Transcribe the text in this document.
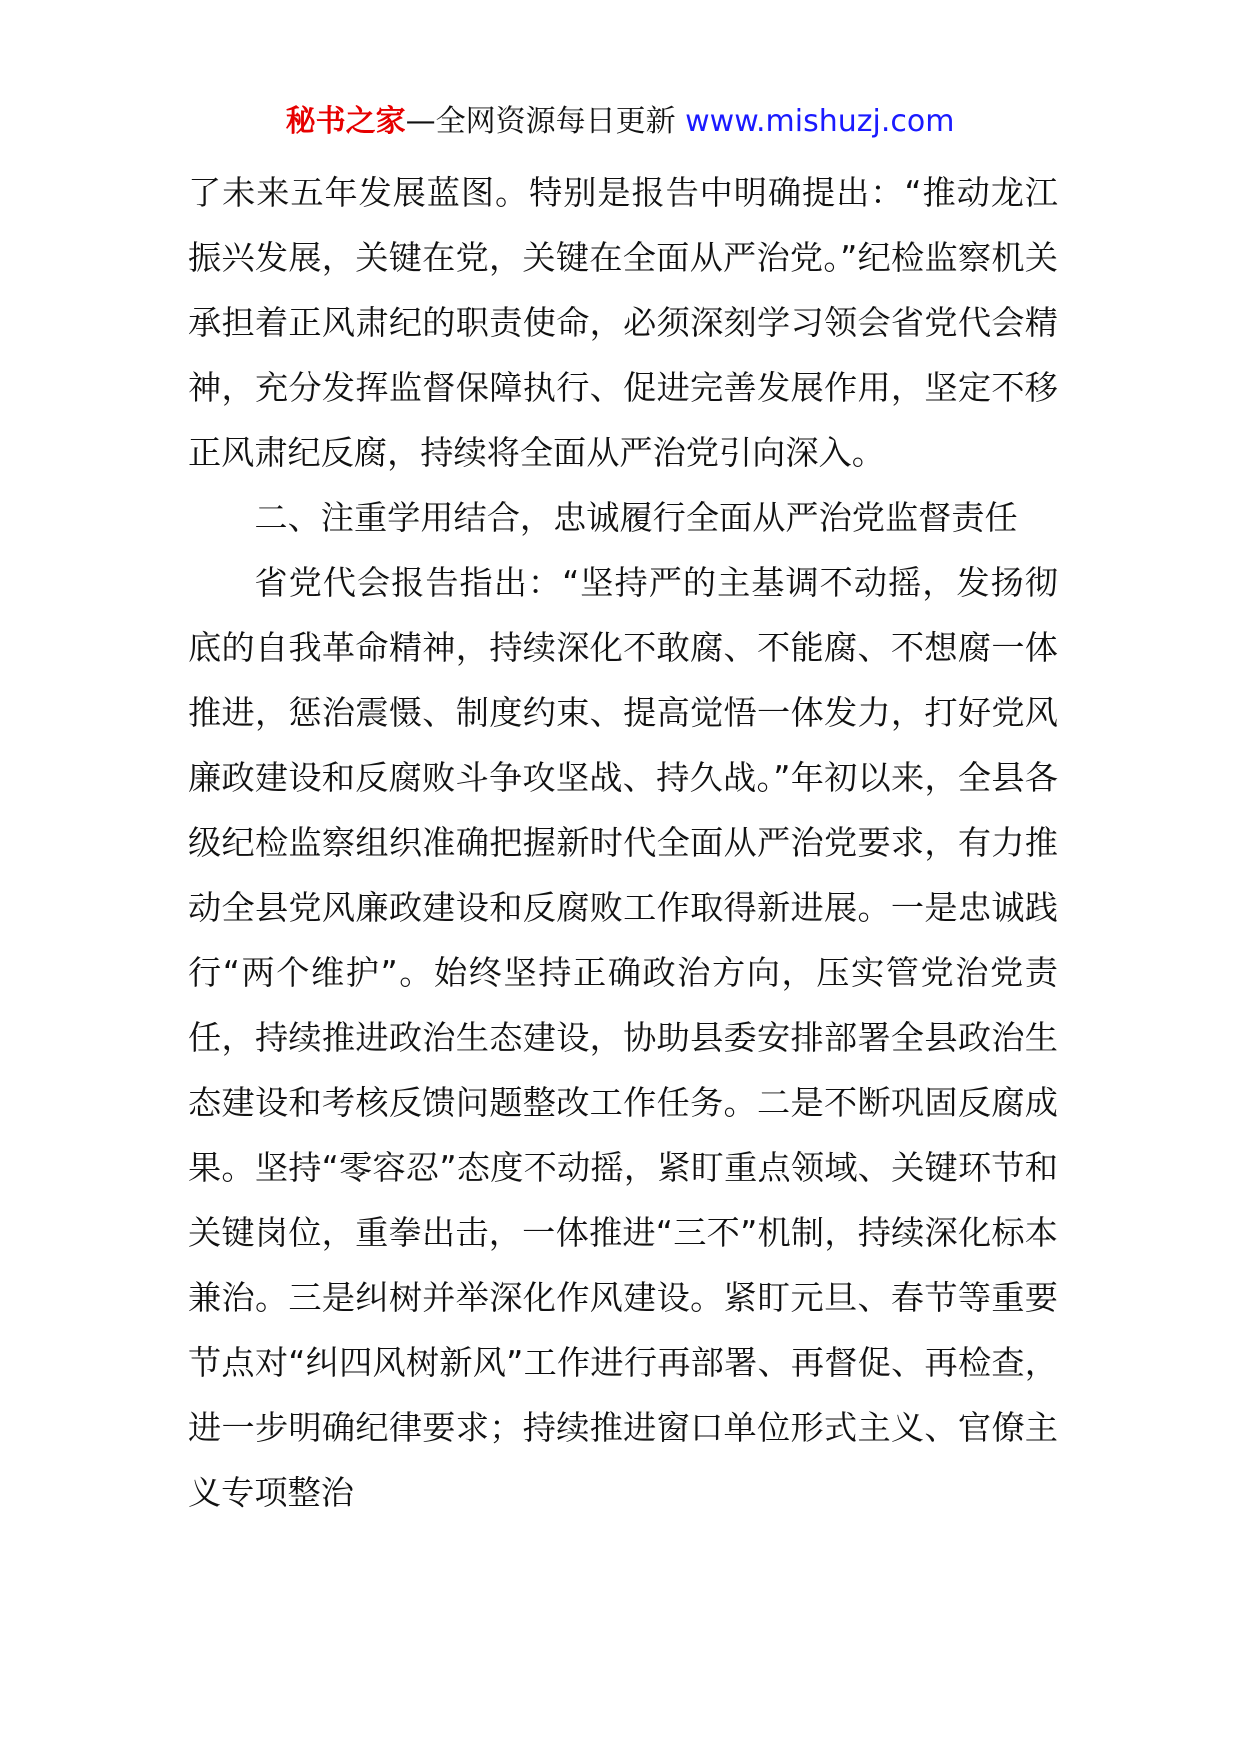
秘书之家—全网资源每日更新 www.mishuzj.com

了未来五年发展蓝图。特别是报告中明确提出：“推动龙江振兴发展，关键在党，关键在全面从严治党。”纪检监察机关承担着正风肃纪的职责使命，必须深刻学习领会省党代会精神，充分发挥监督保障执行、促进完善发展作用，坚定不移正风肃纪反腐，持续将全面从严治党引向深入。

二、注重学用结合，忠诚履行全面从严治党监督责任

省党代会报告指出：“坚持严的主基调不动摇，发扬彻底的自我革命精神，持续深化不敢腐、不能腐、不想腐一体推进，惩治震慑、制度约束、提高觉悟一体发力，打好党风廉政建设和反腐败斗争攻坚战、持久战。”年初以来，全县各级纪检监察组织准确把握新时代全面从严治党要求，有力推动全县党风廉政建设和反腐败工作取得新进展。一是忠诚践行“两个维护”。始终坚持正确政治方向，压实管党治党责任，持续推进政治生态建设，协助县委安排部署全县政治生态建设和考核反馈问题整改工作任务。二是不断巩固反腐成果。坚持“零容忍”态度不动摇，紧盯重点领域、关键环节和关键岗位，重拳出击，一体推进“三不”机制，持续深化标本兼治。三是纠树并举深化作风建设。紧盯元旦、春节等重要节点对“纠四风树新风”工作进行再部署、再督促、再检查，进一步明确纪律要求；持续推进窗口单位形式主义、官僚主义专项整治
